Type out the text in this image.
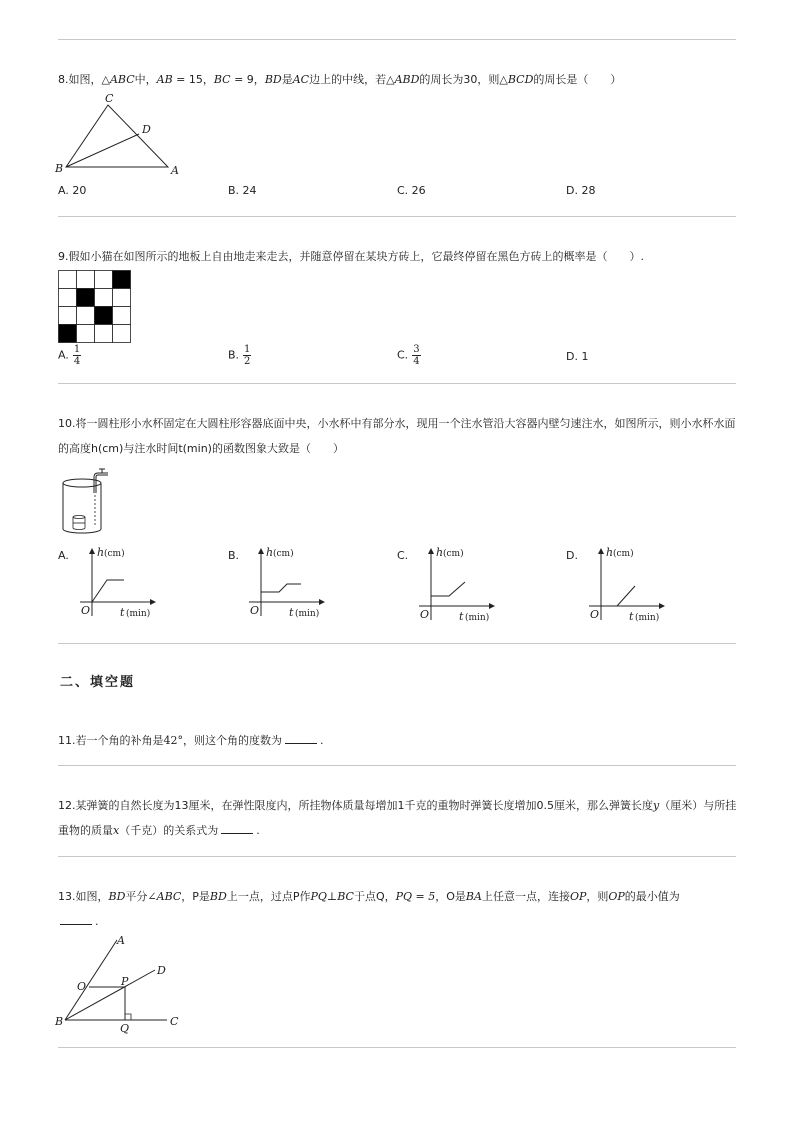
8.如图，△ABC中，AB = 15，BC = 9，BD是AC边上的中线，若△ABD的周长为30，则△BCD的周长是（　　）
C
D
B	A
A. 20	B. 24	C. 26	D. 28
9.假如小猫在如图所示的地板上自由地走来走去，并随意停留在某块方砖上，它最终停留在黑色方砖上的概率是（　　）.
A. $\frac{1}{4}$	B. $\frac{1}{2}$	C. $\frac{3}{4}$	D. 1
10.将一圆柱形小水杯固定在大圆柱形容器底面中央，小水杯中有部分水，现用一个注水管沿大容器内壁匀速注水，如图所示，则小水杯水面
的高度h(cm)与注水时间t(min)的函数图象大致是（　　）
A.	B.	C.	D.
h (cm)
O	t (min)
h (cm)
O	t (min)
h (cm)
O	t (min)
h (cm)
O	t (min)
二、填空题
11.若一个角的补角是42°，则这个角的度数为	.
12.某弹簧的自然长度为13厘米，在弹性限度内，所挂物体质量每增加1千克的重物时弹簧长度增加0.5厘米，那么弹簧长度y（厘米）与所挂
重物的质量x（千克）的关系式为	.
13.如图，BD平分∠ABC，P是BD上一点，过点P作PQ⊥BC于点Q，PQ = 5，O是BA上任意一点，连接OP，则OP的最小值为
.
A
D
O	P
B
Q
C
